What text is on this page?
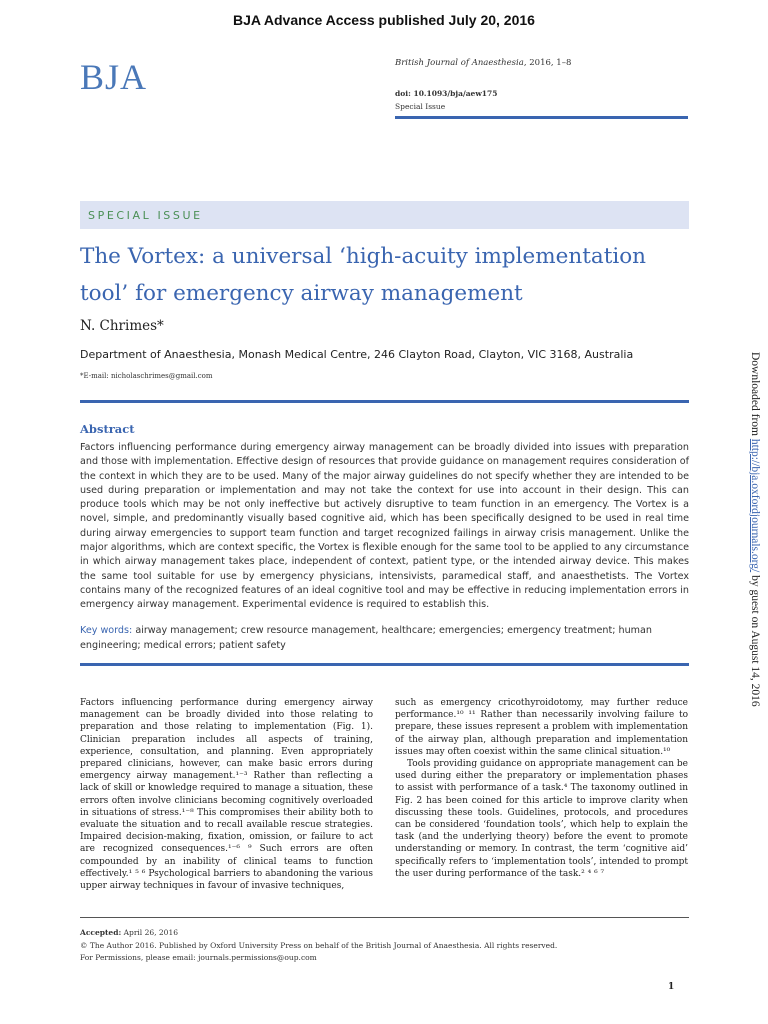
BJA Advance Access published July 20, 2016
BJA	British Journal of Anaesthesia, 2016, 1–8
doi: 10.1093/bja/aew175
Special Issue
SPECIAL ISSUE
The Vortex: a universal ‘high-acuity implementation tool’ for emergency airway management
N. Chrimes*
Department of Anaesthesia, Monash Medical Centre, 246 Clayton Road, Clayton, VIC 3168, Australia
*E-mail: nicholaschrimes@gmail.com
Abstract
Factors influencing performance during emergency airway management can be broadly divided into issues with preparation and those with implementation. Effective design of resources that provide guidance on management requires consideration of the context in which they are to be used. Many of the major airway guidelines do not specify whether they are intended to be used during preparation or implementation and may not take the context for use into account in their design. This can produce tools which may be not only ineffective but actively disruptive to team function in an emergency. The Vortex is a novel, simple, and predominantly visually based cognitive aid, which has been specifically designed to be used in real time during airway emergencies to support team function and target recognized failings in airway crisis management. Unlike the major algorithms, which are context specific, the Vortex is flexible enough for the same tool to be applied to any circumstance in which airway management takes place, independent of context, patient type, or the intended airway device. This makes the same tool suitable for use by emergency physicians, intensivists, paramedical staff, and anaesthetists. The Vortex contains many of the recognized features of an ideal cognitive tool and may be effective in reducing implementation errors in emergency airway management. Experimental evidence is required to establish this.
Key words: airway management; crew resource management, healthcare; emergencies; emergency treatment; human engineering; medical errors; patient safety

Factors influencing performance during emergency airway management can be broadly divided into those relating to preparation and those relating to implementation (Fig. 1). Clinician preparation includes all aspects of training, experience, consultation, and planning. Even appropriately prepared clinicians, however, can make basic errors during emergency airway management.¹⁻³ Rather than reflecting a lack of skill or knowledge required to manage a situation, these errors often involve clinicians becoming cognitively overloaded in situations of stress.¹⁻⁸ This compromises their ability both to evaluate the situation and to recall available rescue strategies. Impaired decision-making, fixation, omission, or failure to act are recognized consequences.¹⁻⁶ ⁹ Such errors are often compounded by an inability of clinical teams to function effectively.¹ ⁵ ⁶ Psychological barriers to abandoning the various upper airway techniques in favour of invasive techniques,

such as emergency cricothyroidotomy, may further reduce performance.¹⁰ ¹¹ Rather than necessarily involving failure to prepare, these issues represent a problem with implementation of the airway plan, although preparation and implementation issues may often coexist within the same clinical situation.¹⁰

Tools providing guidance on appropriate management can be used during either the preparatory or implementation phases to assist with performance of a task.⁴ The taxonomy outlined in Fig. 2 has been coined for this article to improve clarity when discussing these tools. Guidelines, protocols, and procedures can be considered ‘foundation tools’, which help to explain the task (and the underlying theory) before the event to promote understanding or memory. In contrast, the term ‘cognitive aid’ specifically refers to ‘implementation tools’, intended to prompt the user during performance of the task.² ⁴ ⁶ ⁷

Accepted: April 26, 2016
© The Author 2016. Published by Oxford University Press on behalf of the British Journal of Anaesthesia. All rights reserved.
For Permissions, please email: journals.permissions@oup.com
1
Downloaded from http://bja.oxfordjournals.org/ by guest on August 14, 2016
